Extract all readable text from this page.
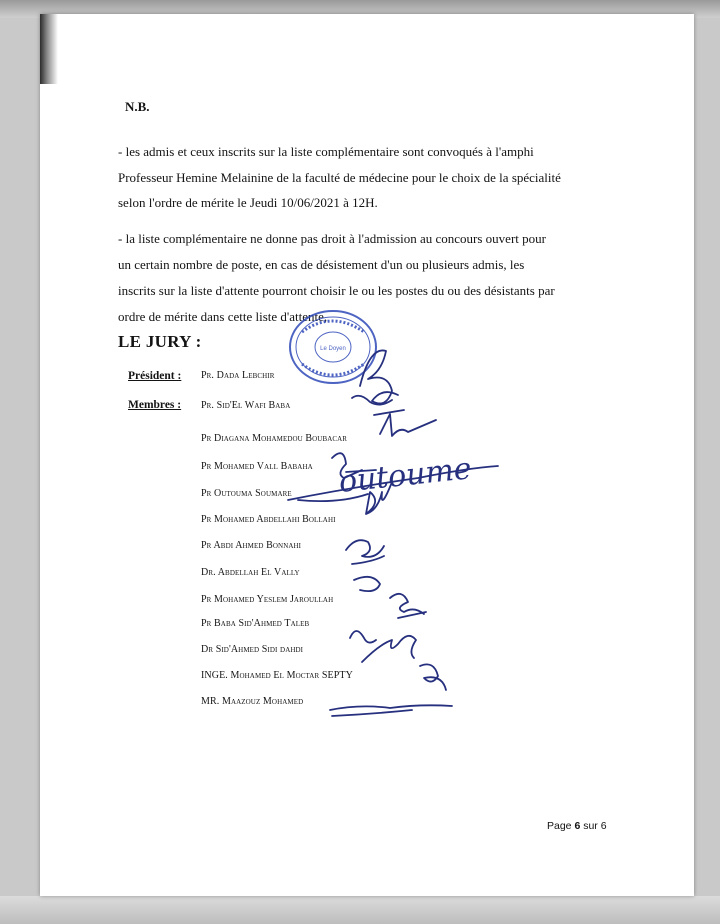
N.B.
- les admis et ceux inscrits sur la liste complémentaire sont convoqués à l'amphi
Professeur Hemine Melainine de la faculté de médecine pour le choix de la spécialité
selon l'ordre de mérite le Jeudi 10/06/2021 à 12H.
- la liste complémentaire ne donne pas droit à l'admission au concours ouvert pour
un certain nombre de poste, en cas de désistement d'un ou plusieurs admis, les
inscrits sur la liste d'attente pourront choisir le ou les postes du ou des désistants par
ordre de mérite dans cette liste d'attente,
LE JURY :
Président : Pr. Dada Lebchir
Membres : Pr. Sid'El Wafi Baba
Pr Diagana Mohamedou Boubacar
Pr Mohamed Vall Babaha
Pr Outouma Soumare
Pr Mohamed Abdellahi Bollahi
Pr Abdi Ahmed Bonnahi
Dr. Abdellah El Vally
Pr Mohamed Yeslem Jaroullah
Pr Baba Sid'Ahmed Taleb
Dr Sid'Ahmed Sidi dahdi
INGE. Mohamed El Moctar SEPTY
MR. Maazouz Mohamed
Page 6 sur 6
Le Doyen
outoume
